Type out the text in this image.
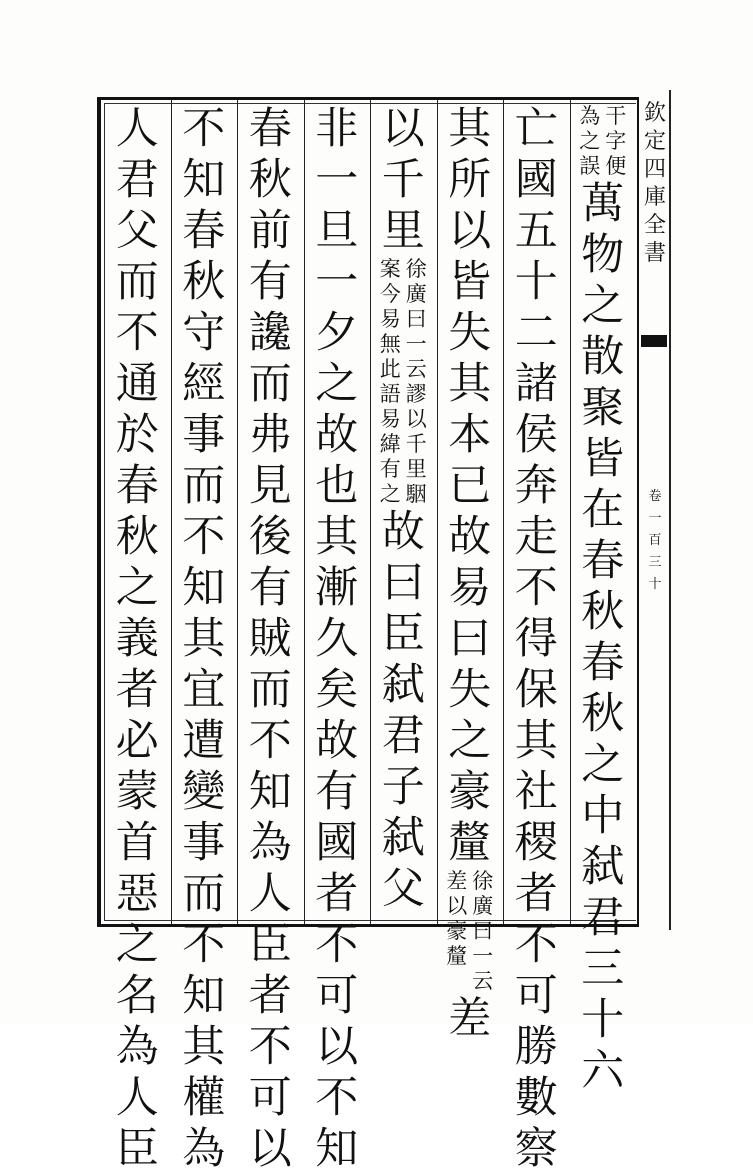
欽
定
四
庫
全
書
卷
一
百
三
十
干
字
便
為
之
誤
萬
物
之
散
聚
皆
在
春
秋
春
秋
之
中
弑
君
三
十
六
亡
國
五
十
二
諸
侯
奔
走
不
得
保
其
社
稷
者
不
可
勝
數
察
其
所
以
皆
失
其
本
已
故
易
曰
失
之
豪
釐
徐
廣
曰
一
云
差
以
豪
釐
差
以
千
里
徐
廣
曰
一
云
謬
以
千
里
駰
案
今
易
無
此
語
易
緯
有
之
故
曰
臣
弑
君
子
弑
父
非
一
旦
一
夕
之
故
也
其
漸
久
矣
故
有
國
者
不
可
以
不
知
春
秋
前
有
讒
而
弗
見
後
有
賊
而
不
知
為
人
臣
者
不
可
以
不
知
春
秋
守
經
事
而
不
知
其
宜
遭
變
事
而
不
知
其
權
為
人
君
父
而
不
通
於
春
秋
之
義
者
必
蒙
首
惡
之
名
為
人
臣
